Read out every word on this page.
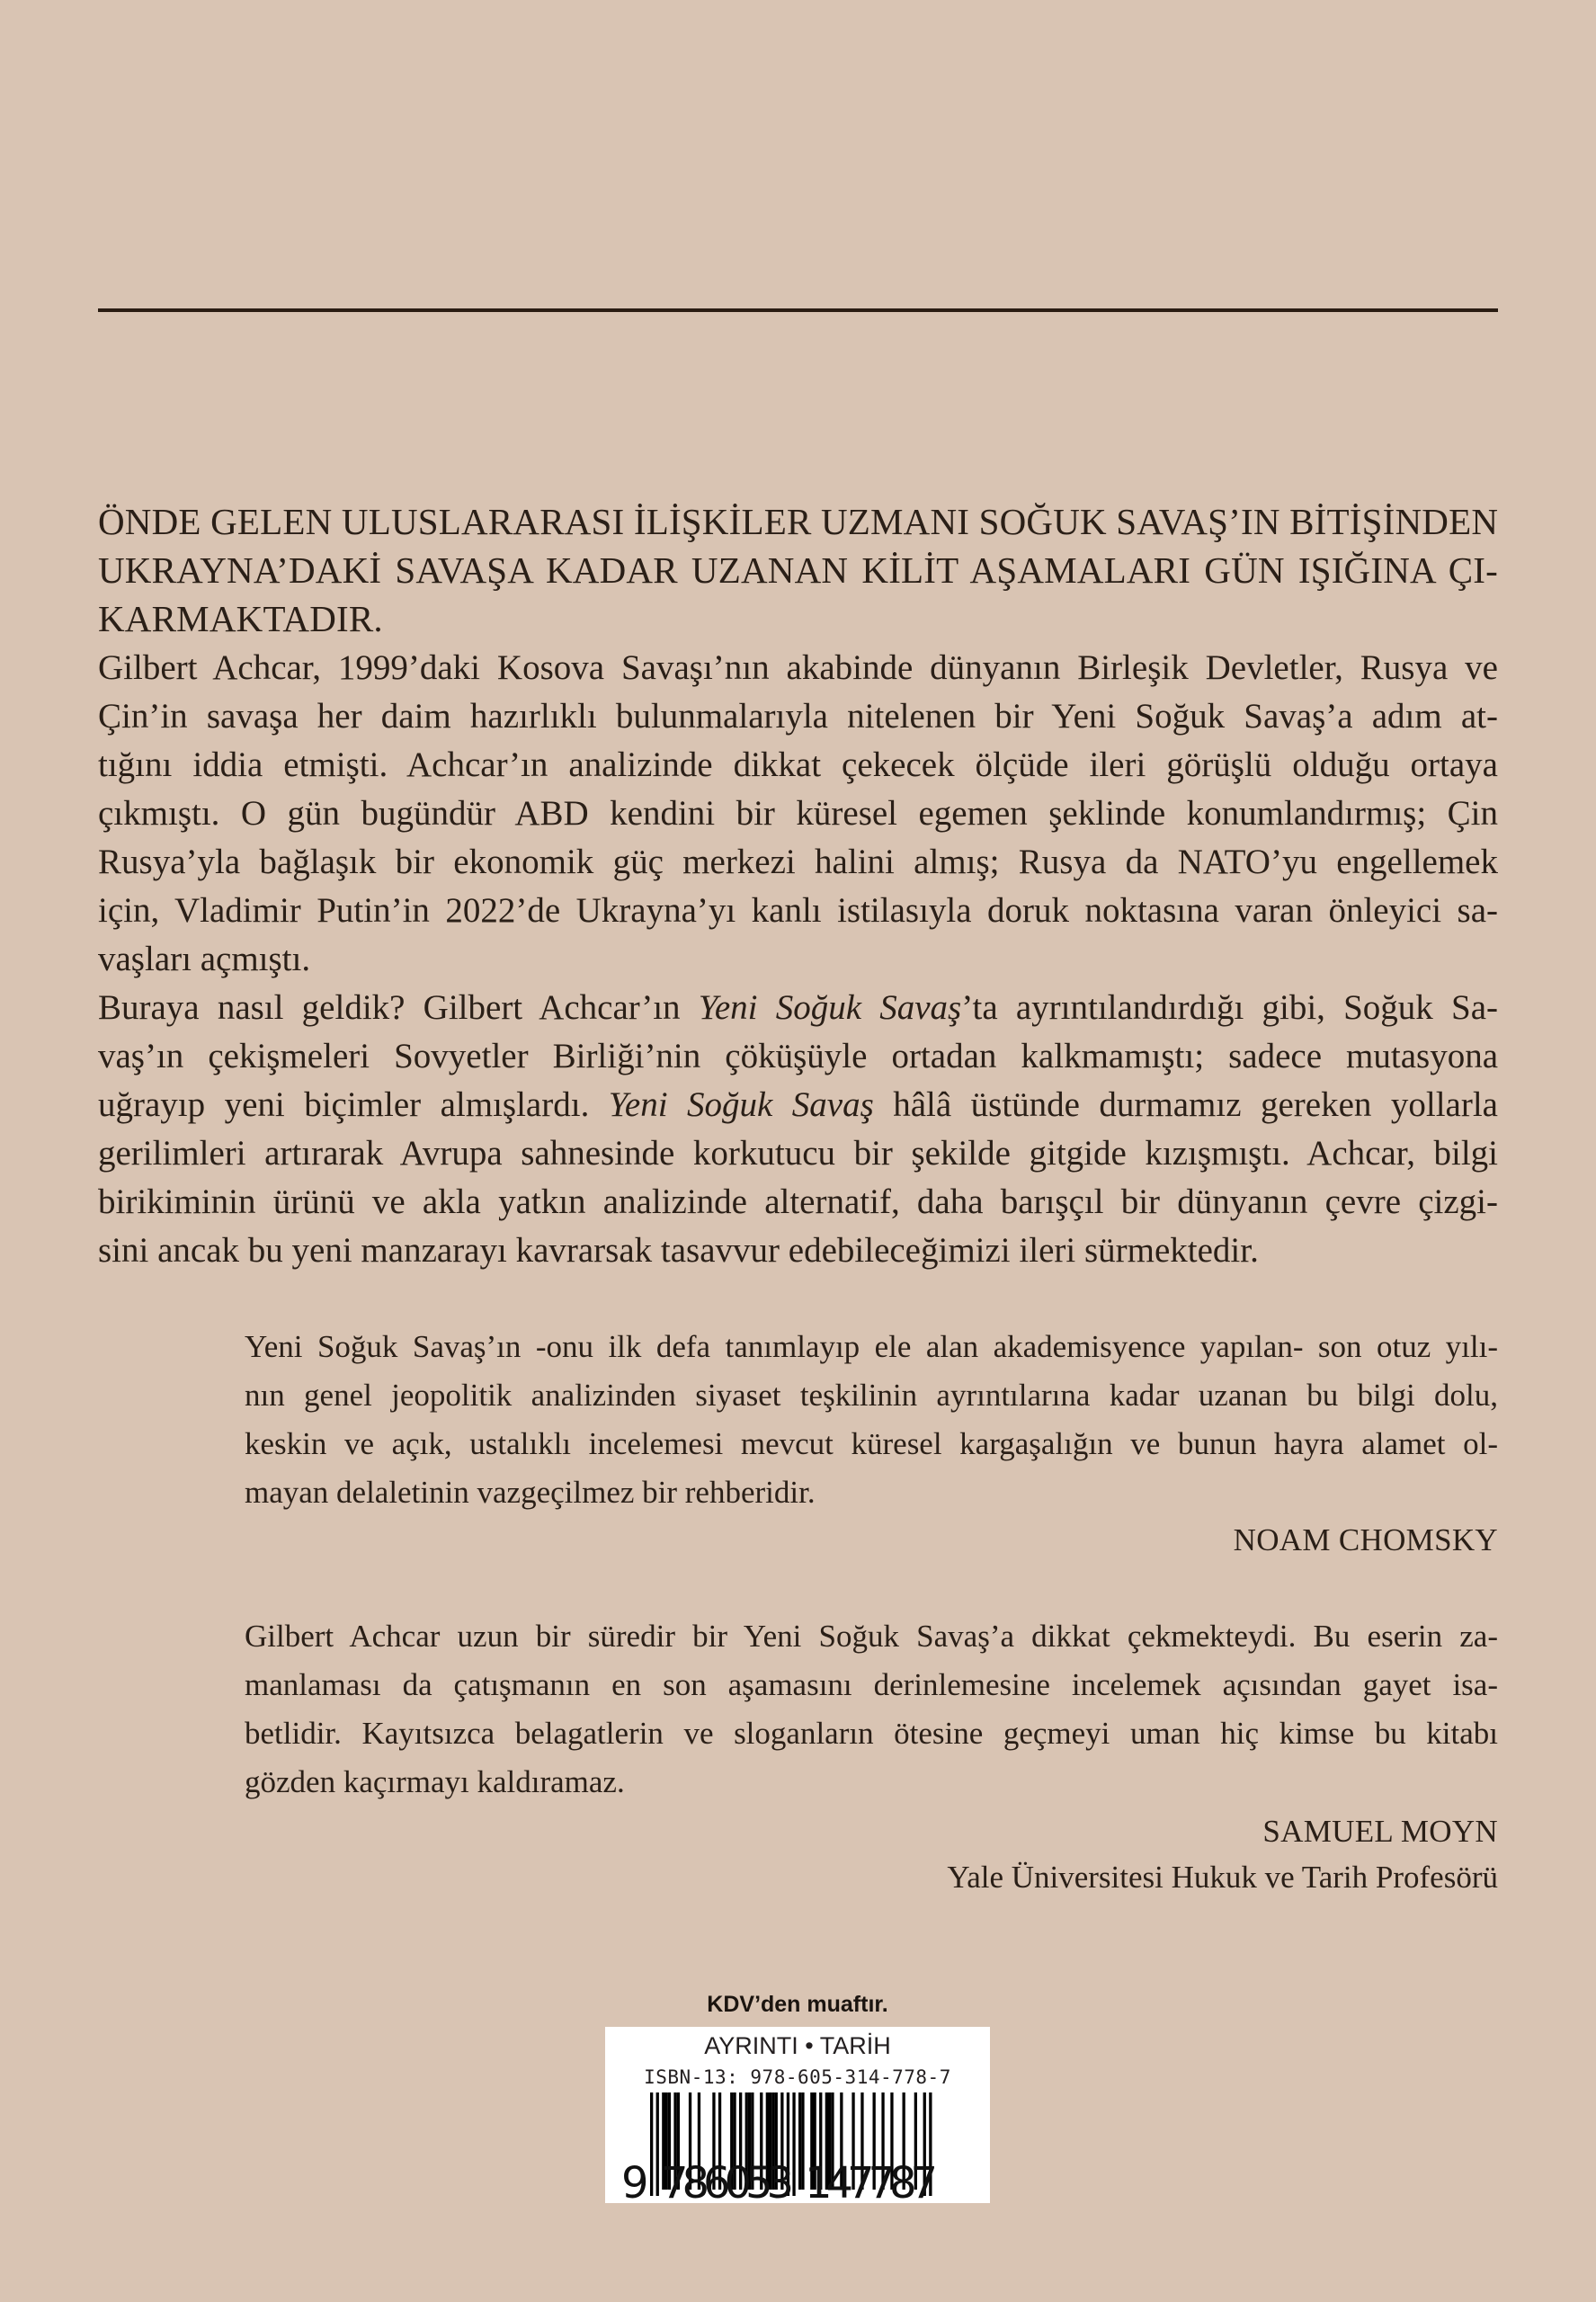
ÖNDE GELEN ULUSLARARASI İLİŞKİLER UZMANI SOĞUK SAVAŞ’IN BİTİŞİNDEN
UKRAYNA’DAKİ SAVAŞA KADAR UZANAN KİLİT AŞAMALARI GÜN IŞIĞINA ÇI-
KARMAKTADIR.
Gilbert Achcar, 1999’daki Kosova Savaşı’nın akabinde dünyanın Birleşik Devletler, Rusya ve
Çin’in savaşa her daim hazırlıklı bulunmalarıyla nitelenen bir Yeni Soğuk Savaş’a adım at-
tığını iddia etmişti. Achcar’ın analizinde dikkat çekecek ölçüde ileri görüşlü olduğu ortaya
çıkmıştı. O gün bugündür ABD kendini bir küresel egemen şeklinde konumlandırmış; Çin
Rusya’yla bağlaşık bir ekonomik güç merkezi halini almış; Rusya da NATO’yu engellemek
için, Vladimir Putin’in 2022’de Ukrayna’yı kanlı istilasıyla doruk noktasına varan önleyici sa-
vaşları açmıştı.
Buraya nasıl geldik? Gilbert Achcar’ın Yeni Soğuk Savaş’ta ayrıntılandırdığı gibi, Soğuk Sa-
vaş’ın çekişmeleri Sovyetler Birliği’nin çöküşüyle ortadan kalkmamıştı; sadece mutasyona
uğrayıp yeni biçimler almışlardı. Yeni Soğuk Savaş hâlâ üstünde durmamız gereken yollarla
gerilimleri artırarak Avrupa sahnesinde korkutucu bir şekilde gitgide kızışmıştı. Achcar, bilgi
birikiminin ürünü ve akla yatkın analizinde alternatif, daha barışçıl bir dünyanın çevre çizgi-
sini ancak bu yeni manzarayı kavrarsak tasavvur edebileceğimizi ileri sürmektedir.
Yeni Soğuk Savaş’ın -onu ilk defa tanımlayıp ele alan akademisyence yapılan- son otuz yılı-
nın genel jeopolitik analizinden siyaset teşkilinin ayrıntılarına kadar uzanan bu bilgi dolu,
keskin ve açık, ustalıklı incelemesi mevcut küresel kargaşalığın ve bunun hayra alamet ol-
mayan delaletinin vazgeçilmez bir rehberidir.
NOAM CHOMSKY
Gilbert Achcar uzun bir süredir bir Yeni Soğuk Savaş’a dikkat çekmekteydi. Bu eserin za-
manlaması da çatışmanın en son aşamasını derinlemesine incelemek açısından gayet isa-
betlidir. Kayıtsızca belagatlerin ve sloganların ötesine geçmeyi uman hiç kimse bu kitabı
gözden kaçırmayı kaldıramaz.
SAMUEL MOYN
Yale Üniversitesi Hukuk ve Tarih Profesörü
KDV’den muaftır.
AYRINTI • TARİH
ISBN-13: 978-605-314-778-7
9 786053 147787
